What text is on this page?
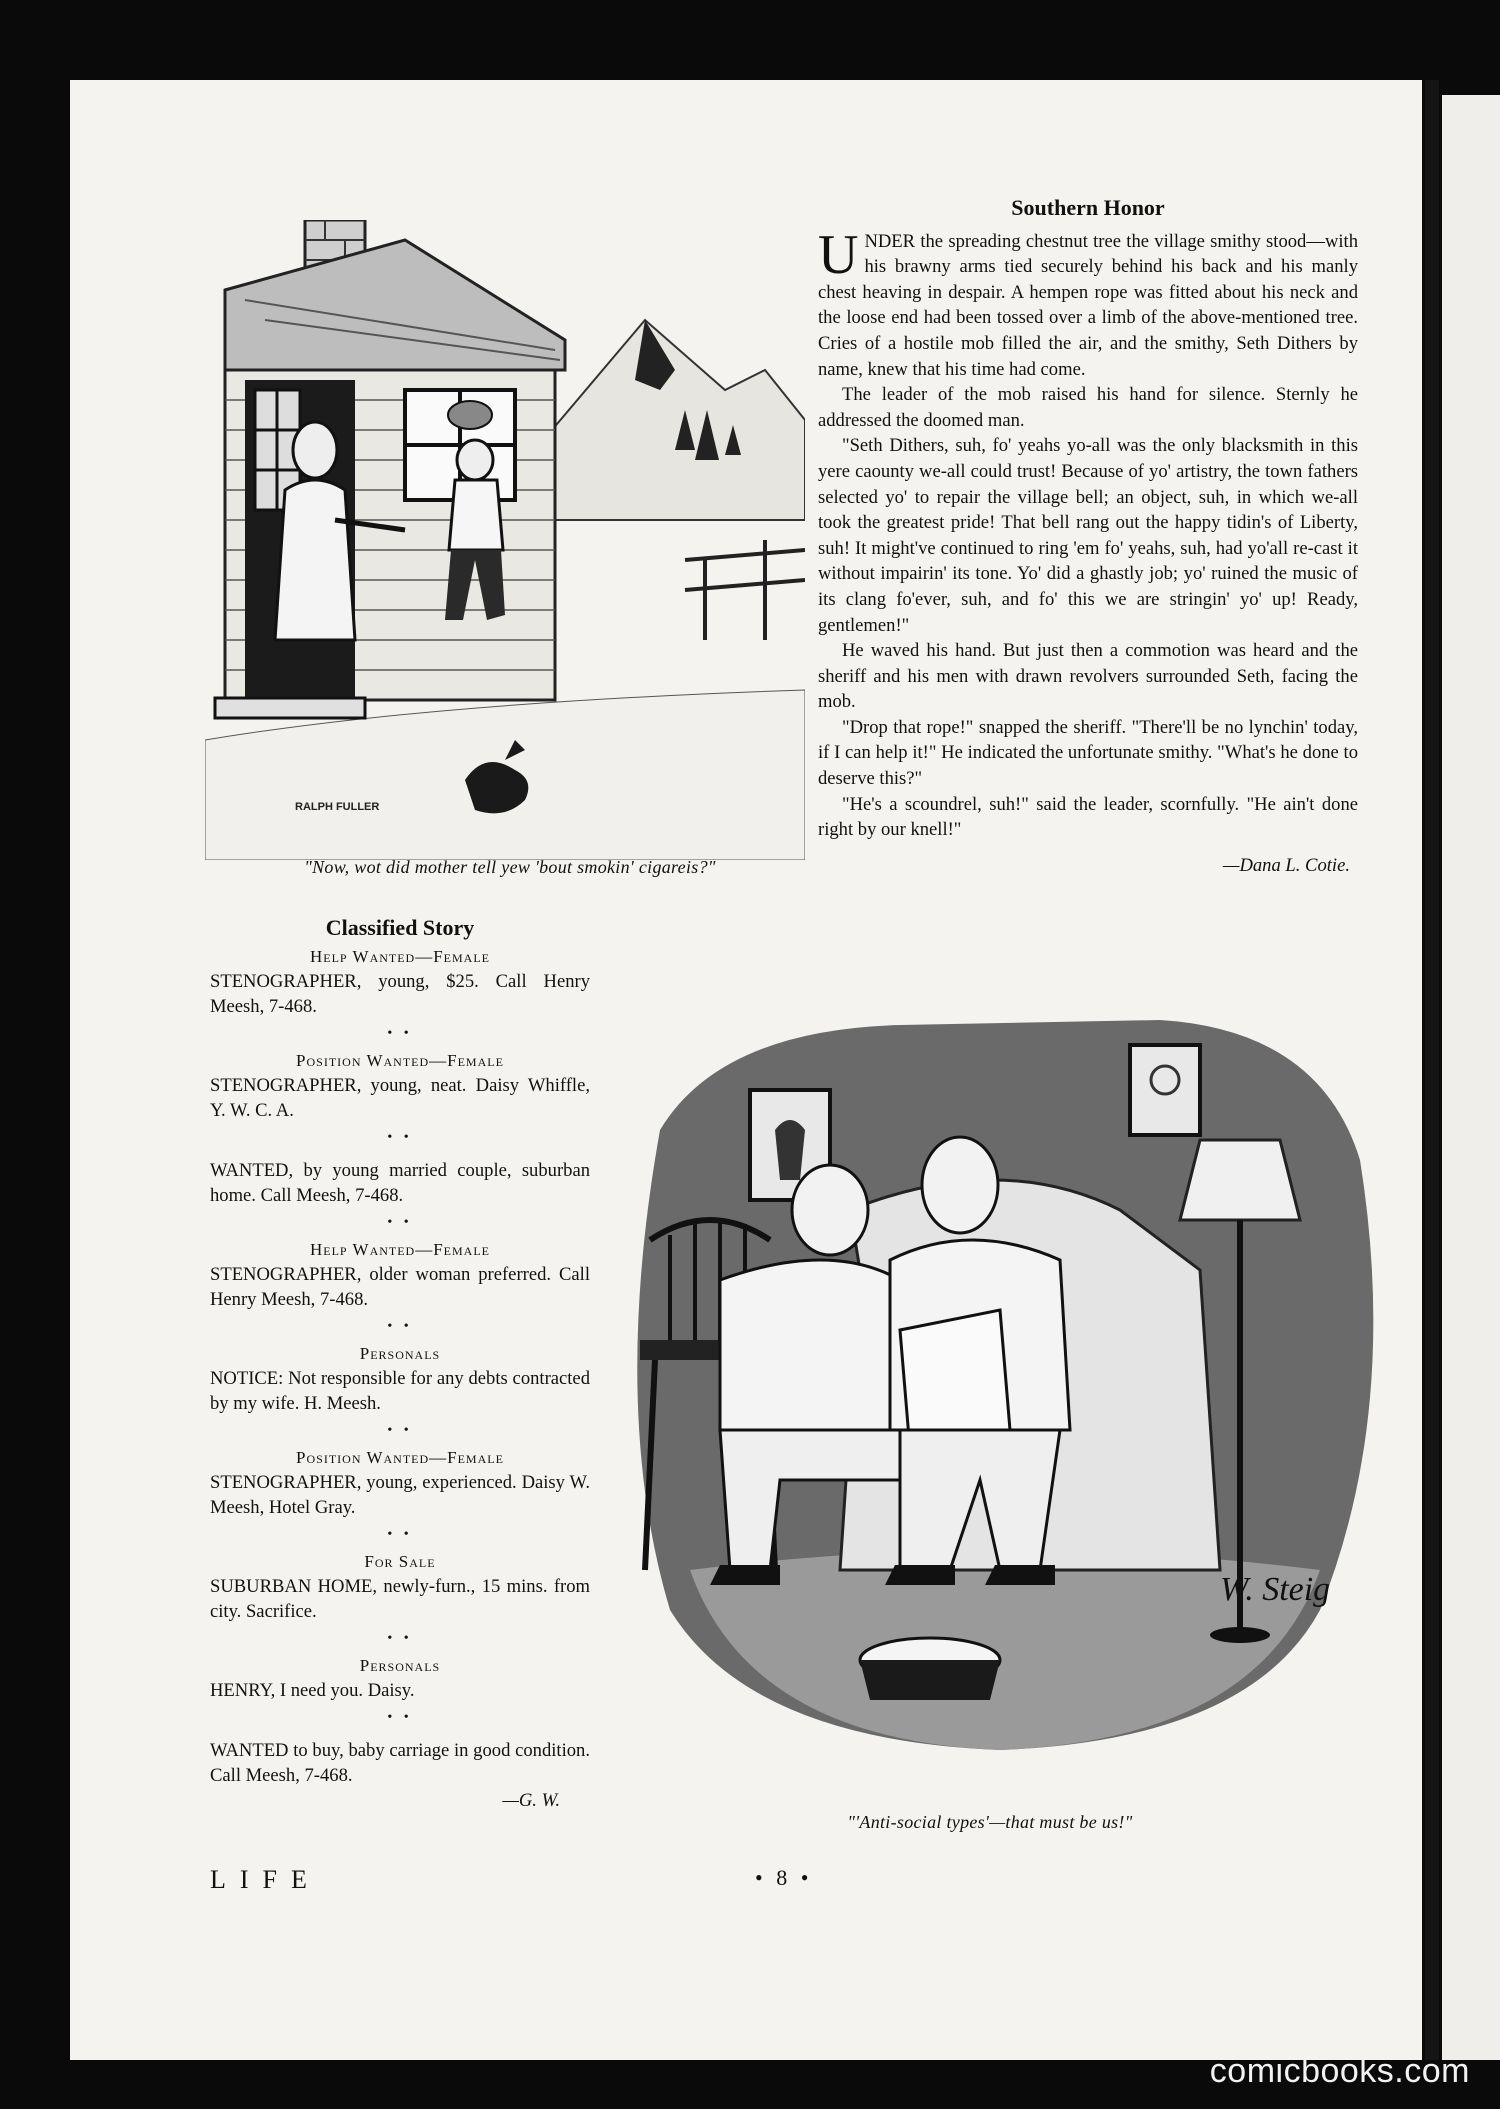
RALPH FULLER
"Now, wot did mother tell yew 'bout smokin' cigareis?"
Southern Honor

UNDER the spreading chestnut tree the village smithy stood—with his brawny arms tied securely behind his back and his manly chest heaving in despair. A hempen rope was fitted about his neck and the loose end had been tossed over a limb of the above-mentioned tree. Cries of a hostile mob filled the air, and the smithy, Seth Dithers by name, knew that his time had come.

The leader of the mob raised his hand for silence. Sternly he addressed the doomed man.

"Seth Dithers, suh, fo' yeahs yo-all was the only blacksmith in this yere caounty we-all could trust! Because of yo' artistry, the town fathers selected yo' to repair the village bell; an object, suh, in which we-all took the greatest pride! That bell rang out the happy tidin's of Liberty, suh! It might've continued to ring 'em fo' yeahs, suh, had yo'all re-cast it without impairin' its tone. Yo' did a ghastly job; yo' ruined the music of its clang fo'ever, suh, and fo' this we are stringin' yo' up! Ready, gentlemen!"

He waved his hand. But just then a commotion was heard and the sheriff and his men with drawn revolvers surrounded Seth, facing the mob.

"Drop that rope!" snapped the sheriff. "There'll be no lynchin' today, if I can help it!" He indicated the unfortunate smithy. "What's he done to deserve this?"

"He's a scoundrel, suh!" said the leader, scornfully. "He ain't done right by our knell!"

—Dana L. Cotie.
Classified Story
Help Wanted—Female
STENOGRAPHER, young, $25. Call Henry Meesh, 7-468.
• •
Position Wanted—Female
STENOGRAPHER, young, neat. Daisy Whiffle, Y. W. C. A.
• •
WANTED, by young married couple, suburban home. Call Meesh, 7-468.
• •
Help Wanted—Female
STENOGRAPHER, older woman preferred. Call Henry Meesh, 7-468.
• •
Personals
NOTICE: Not responsible for any debts contracted by my wife. H. Meesh.
• •
Position Wanted—Female
STENOGRAPHER, young, experienced. Daisy W. Meesh, Hotel Gray.
• •
For Sale
SUBURBAN HOME, newly-furn., 15 mins. from city. Sacrifice.
• •
Personals
HENRY, I need you. Daisy.
• •
WANTED to buy, baby carriage in good condition. Call Meesh, 7-468.
—G. W.
W. Steig
"'Anti-social types'—that must be us!"
LIFE	• 8 •
comicbooks.com
